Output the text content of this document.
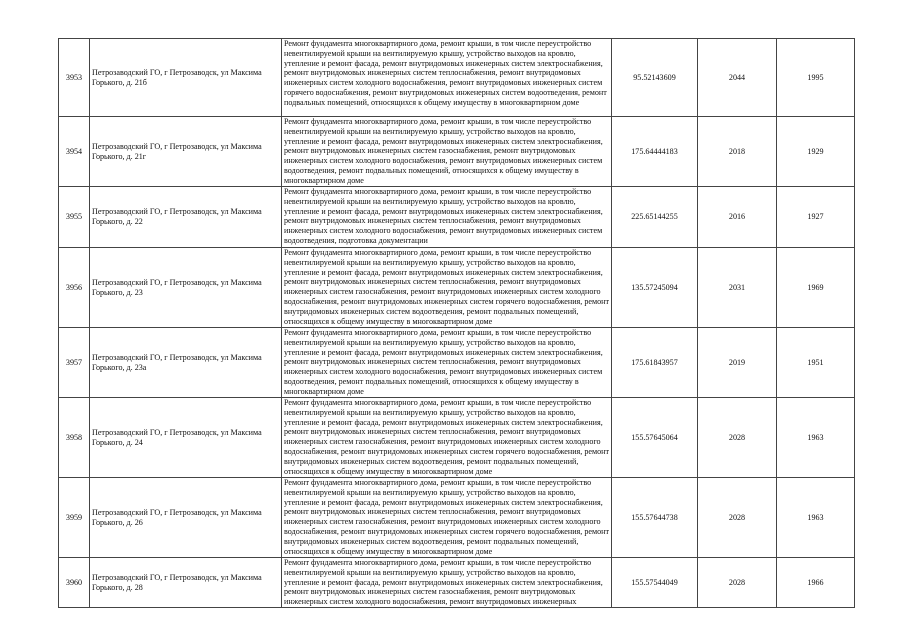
3953	Петрозаводский ГО, г Петрозаводск, ул Максима Горького, д. 21б	Ремонт фундамента многоквартирного дома, ремонт крыши, в том числе переустройство невентилируемой крыши на вентилируемую крышу, устройство выходов на кровлю, утепление и ремонт фасада, ремонт внутридомовых инженерных систем электроснабжения, ремонт внутридомовых инженерных систем теплоснабжения, ремонт внутридомовых инженерных систем холодного водоснабжения, ремонт внутридомовых инженерных систем горячего водоснабжения, ремонт внутридомовых инженерных систем водоотведения, ремонт подвальных помещений, относящихся к общему имуществу в многоквартирном доме	95.52143609	2044	1995
3954	Петрозаводский ГО, г Петрозаводск, ул Максима Горького, д. 21г	Ремонт фундамента многоквартирного дома, ремонт крыши, в том числе переустройство невентилируемой крыши на вентилируемую крышу, устройство выходов на кровлю, утепление и ремонт фасада, ремонт внутридомовых инженерных систем электроснабжения, ремонт внутридомовых инженерных систем газоснабжения, ремонт внутридомовых инженерных систем холодного водоснабжения, ремонт внутридомовых инженерных систем водоотведения, ремонт подвальных помещений, относящихся к общему имуществу в многоквартирном доме	175.64444183	2018	1929
3955	Петрозаводский ГО, г Петрозаводск, ул Максима Горького, д. 22	Ремонт фундамента многоквартирного дома, ремонт крыши, в том числе переустройство невентилируемой крыши на вентилируемую крышу, устройство выходов на кровлю, утепление и ремонт фасада, ремонт внутридомовых инженерных систем электроснабжения, ремонт внутридомовых инженерных систем теплоснабжения, ремонт внутридомовых инженерных систем холодного водоснабжения, ремонт внутридомовых инженерных систем водоотведения, подготовка документации	225.65144255	2016	1927
3956	Петрозаводский ГО, г Петрозаводск, ул Максима Горького, д. 23	Ремонт фундамента многоквартирного дома, ремонт крыши, в том числе переустройство невентилируемой крыши на вентилируемую крышу, устройство выходов на кровлю, утепление и ремонт фасада, ремонт внутридомовых инженерных систем электроснабжения, ремонт внутридомовых инженерных систем теплоснабжения, ремонт внутридомовых инженерных систем газоснабжения, ремонт внутридомовых инженерных систем холодного водоснабжения, ремонт внутридомовых инженерных систем горячего водоснабжения, ремонт внутридомовых инженерных систем водоотведения, ремонт подвальных помещений, относящихся к общему имуществу в многоквартирном доме	135.57245094	2031	1969
3957	Петрозаводский ГО, г Петрозаводск, ул Максима Горького, д. 23а	Ремонт фундамента многоквартирного дома, ремонт крыши, в том числе переустройство невентилируемой крыши на вентилируемую крышу, устройство выходов на кровлю, утепление и ремонт фасада, ремонт внутридомовых инженерных систем электроснабжения, ремонт внутридомовых инженерных систем теплоснабжения, ремонт внутридомовых инженерных систем холодного водоснабжения, ремонт внутридомовых инженерных систем водоотведения, ремонт подвальных помещений, относящихся к общему имуществу в многоквартирном доме	175.61843957	2019	1951
3958	Петрозаводский ГО, г Петрозаводск, ул Максима Горького, д. 24	Ремонт фундамента многоквартирного дома, ремонт крыши, в том числе переустройство невентилируемой крыши на вентилируемую крышу, устройство выходов на кровлю, утепление и ремонт фасада, ремонт внутридомовых инженерных систем электроснабжения, ремонт внутридомовых инженерных систем теплоснабжения, ремонт внутридомовых инженерных систем газоснабжения, ремонт внутридомовых инженерных систем холодного водоснабжения, ремонт внутридомовых инженерных систем горячего водоснабжения, ремонт внутридомовых инженерных систем водоотведения, ремонт подвальных помещений, относящихся к общему имуществу в многоквартирном доме	155.57645064	2028	1963
3959	Петрозаводский ГО, г Петрозаводск, ул Максима Горького, д. 26	Ремонт фундамента многоквартирного дома, ремонт крыши, в том числе переустройство невентилируемой крыши на вентилируемую крышу, устройство выходов на кровлю, утепление и ремонт фасада, ремонт внутридомовых инженерных систем электроснабжения, ремонт внутридомовых инженерных систем теплоснабжения, ремонт внутридомовых инженерных систем газоснабжения, ремонт внутридомовых инженерных систем холодного водоснабжения, ремонт внутридомовых инженерных систем горячего водоснабжения, ремонт внутридомовых инженерных систем водоотведения, ремонт подвальных помещений, относящихся к общему имуществу в многоквартирном доме	155.57644738	2028	1963
3960	Петрозаводский ГО, г Петрозаводск, ул Максима Горького, д. 28	Ремонт фундамента многоквартирного дома, ремонт крыши, в том числе переустройство невентилируемой крыши на вентилируемую крышу, устройство выходов на кровлю, утепление и ремонт фасада, ремонт внутридомовых инженерных систем электроснабжения, ремонт внутридомовых инженерных систем газоснабжения, ремонт внутридомовых инженерных систем холодного водоснабжения, ремонт внутридомовых инженерных	155.57544049	2028	1966
